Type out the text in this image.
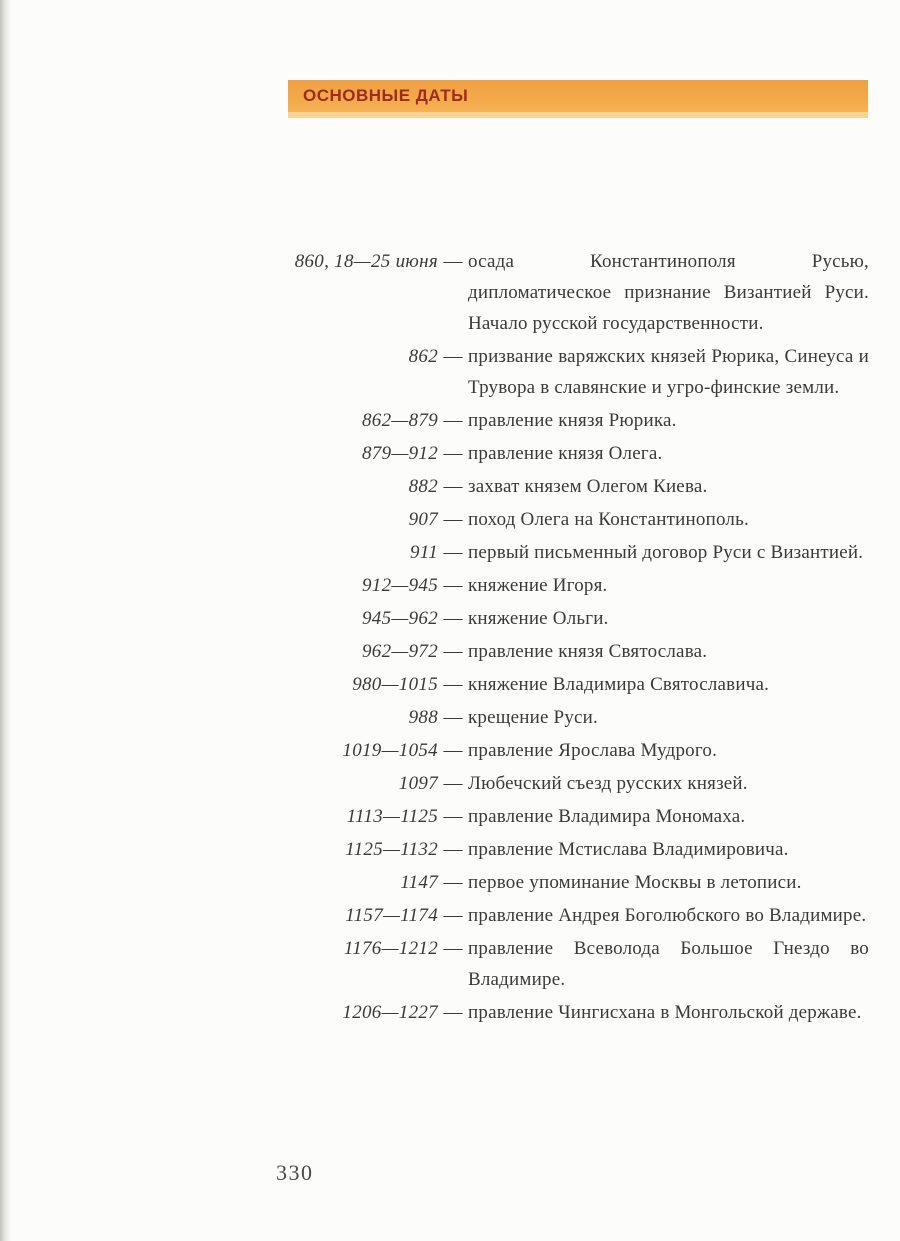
ОСНОВНЫЕ ДАТЫ
860, 18—25 июня — осада Константинополя Русью, дипломатическое признание Византией Руси. Начало русской государственности.
862 — призвание варяжских князей Рюрика, Синеуса и Трувора в славянские и угро-финские земли.
862—879 — правление князя Рюрика.
879—912 — правление князя Олега.
882 — захват князем Олегом Киева.
907 — поход Олега на Константинополь.
911 — первый письменный договор Руси с Византией.
912—945 — княжение Игоря.
945—962 — княжение Ольги.
962—972 — правление князя Святослава.
980—1015 — княжение Владимира Святославича.
988 — крещение Руси.
1019—1054 — правление Ярослава Мудрого.
1097 — Любечский съезд русских князей.
1113—1125 — правление Владимира Мономаха.
1125—1132 — правление Мстислава Владимировича.
1147 — первое упоминание Москвы в летописи.
1157—1174 — правление Андрея Боголюбского во Владимире.
1176—1212 — правление Всеволода Большое Гнездо во Владимире.
1206—1227 — правление Чингисхана в Монгольской державе.
330
